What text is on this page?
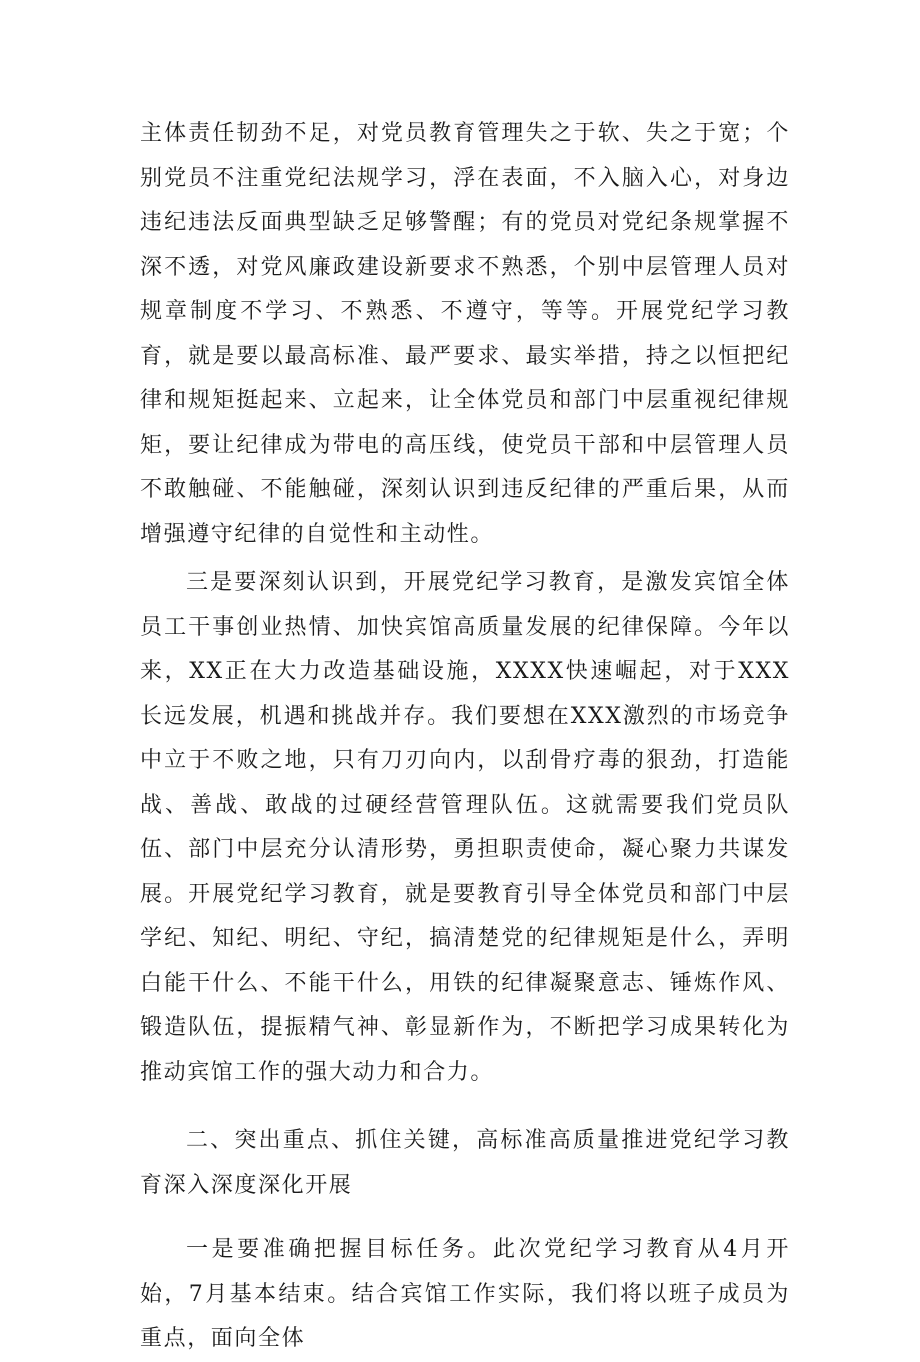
主体责任韧劲不足，对党员教育管理失之于软、失之于宽；个别党员不注重党纪法规学习，浮在表面，不入脑入心，对身边违纪违法反面典型缺乏足够警醒；有的党员对党纪条规掌握不深不透，对党风廉政建设新要求不熟悉，个别中层管理人员对规章制度不学习、不熟悉、不遵守，等等。开展党纪学习教育，就是要以最高标准、最严要求、最实举措，持之以恒把纪律和规矩挺起来、立起来，让全体党员和部门中层重视纪律规矩，要让纪律成为带电的高压线，使党员干部和中层管理人员不敢触碰、不能触碰，深刻认识到违反纪律的严重后果，从而增强遵守纪律的自觉性和主动性。

三是要深刻认识到，开展党纪学习教育，是激发宾馆全体员工干事创业热情、加快宾馆高质量发展的纪律保障。今年以来，XX正在大力改造基础设施，XXXX快速崛起，对于XXX长远发展，机遇和挑战并存。我们要想在XXX激烈的市场竞争中立于不败之地，只有刀刃向内，以刮骨疗毒的狠劲，打造能战、善战、敢战的过硬经营管理队伍。这就需要我们党员队伍、部门中层充分认清形势，勇担职责使命，凝心聚力共谋发展。开展党纪学习教育，就是要教育引导全体党员和部门中层学纪、知纪、明纪、守纪，搞清楚党的纪律规矩是什么，弄明白能干什么、不能干什么，用铁的纪律凝聚意志、锤炼作风、锻造队伍，提振精气神、彰显新作为，不断把学习成果转化为推动宾馆工作的强大动力和合力。

二、突出重点、抓住关键，高标准高质量推进党纪学习教育深入深度深化开展

一是要准确把握目标任务。此次党纪学习教育从4月开始，7月基本结束。结合宾馆工作实际，我们将以班子成员为重点，面向全体
